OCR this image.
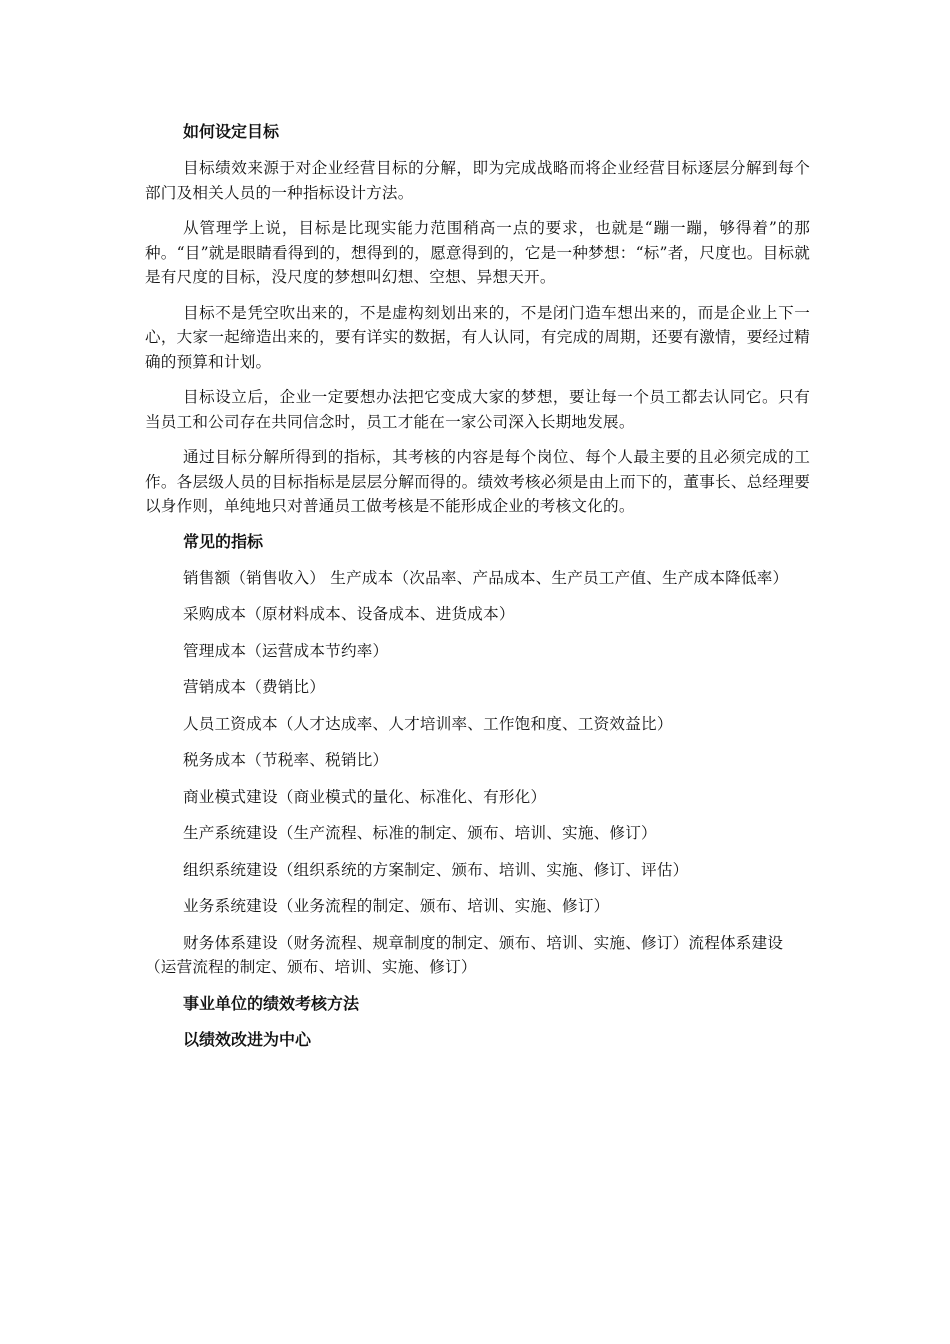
如何设定目标

目标绩效来源于对企业经营目标的分解，即为完成战略而将企业经营目标逐层分解到每个部门及相关人员的一种指标设计方法。

从管理学上说，目标是比现实能力范围稍高一点的要求，也就是“蹦一蹦，够得着”的那种。“目”就是眼睛看得到的，想得到的，愿意得到的，它是一种梦想：“标”者，尺度也。目标就是有尺度的目标，没尺度的梦想叫幻想、空想、异想天开。

目标不是凭空吹出来的，不是虚构刻划出来的，不是闭门造车想出来的，而是企业上下一心，大家一起缔造出来的，要有详实的数据，有人认同，有完成的周期，还要有激情，要经过精确的预算和计划。

目标设立后，企业一定要想办法把它变成大家的梦想，要让每一个员工都去认同它。只有当员工和公司存在共同信念时，员工才能在一家公司深入长期地发展。

通过目标分解所得到的指标，其考核的内容是每个岗位、每个人最主要的且必须完成的工作。各层级人员的目标指标是层层分解而得的。绩效考核必须是由上而下的，董事长、总经理要以身作则，单纯地只对普通员工做考核是不能形成企业的考核文化的。

常见的指标

销售额（销售收入） 生产成本（次品率、产品成本、生产员工产值、生产成本降低率）

采购成本（原材料成本、设备成本、进货成本）

管理成本（运营成本节约率）

营销成本（费销比）

人员工资成本（人才达成率、人才培训率、工作饱和度、工资效益比）

税务成本（节税率、税销比）

商业模式建设（商业模式的量化、标准化、有形化）

生产系统建设（生产流程、标准的制定、颁布、培训、实施、修订）

组织系统建设（组织系统的方案制定、颁布、培训、实施、修订、评估）

业务系统建设（业务流程的制定、颁布、培训、实施、修订）

财务体系建设（财务流程、规章制度的制定、颁布、培训、实施、修订）流程体系建设（运营流程的制定、颁布、培训、实施、修订）

事业单位的绩效考核方法
以绩效改进为中心
